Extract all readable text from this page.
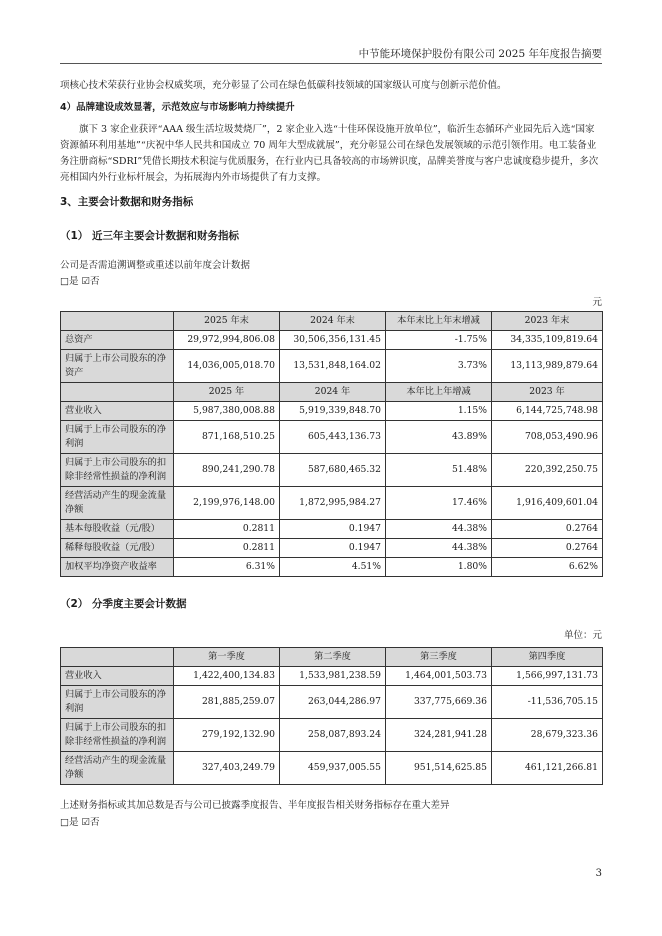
中节能环境保护股份有限公司 2025 年年度报告摘要

项核心技术荣获行业协会权威奖项，充分彰显了公司在绿色低碳科技领域的国家级认可度与创新示范价值。

4）品牌建设成效显著，示范效应与市场影响力持续提升

旗下 3 家企业获评“AAA 级生活垃圾焚烧厂”，2 家企业入选“十佳环保设施开放单位”，临沂生态循环产业园先后入选“国家资源循环利用基地”“庆祝中华人民共和国成立 70 周年大型成就展”，充分彰显公司在绿色发展领域的示范引领作用。电工装备业务注册商标“SDRI”凭借长期技术积淀与优质服务，在行业内已具备较高的市场辨识度，品牌美誉度与客户忠诚度稳步提升，多次亮相国内外行业标杆展会，为拓展海内外市场提供了有力支撑。

3、主要会计数据和财务指标
（1） 近三年主要会计数据和财务指标
公司是否需追溯调整或重述以前年度会计数据
□是 ☑否
元
	2025 年末	2024 年末	本年末比上年末增减	2023 年末
总资产	29,972,994,806.08	30,506,356,131.45	-1.75%	34,335,109,819.64
归属于上市公司股东的净资产	14,036,005,018.70	13,531,848,164.02	3.73%	13,113,989,879.64
	2025 年	2024 年	本年比上年增减	2023 年
营业收入	5,987,380,008.88	5,919,339,848.70	1.15%	6,144,725,748.98
归属于上市公司股东的净利润	871,168,510.25	605,443,136.73	43.89%	708,053,490.96
归属于上市公司股东的扣除非经常性损益的净利润	890,241,290.78	587,680,465.32	51.48%	220,392,250.75
经营活动产生的现金流量净额	2,199,976,148.00	1,872,995,984.27	17.46%	1,916,409,601.04
基本每股收益（元/股）	0.2811	0.1947	44.38%	0.2764
稀释每股收益（元/股）	0.2811	0.1947	44.38%	0.2764
加权平均净资产收益率	6.31%	4.51%	1.80%	6.62%
（2） 分季度主要会计数据
单位：元
	第一季度	第二季度	第三季度	第四季度
营业收入	1,422,400,134.83	1,533,981,238.59	1,464,001,503.73	1,566,997,131.73
归属于上市公司股东的净利润	281,885,259.07	263,044,286.97	337,775,669.36	-11,536,705.15
归属于上市公司股东的扣除非经常性损益的净利润	279,192,132.90	258,087,893.24	324,281,941.28	28,679,323.36
经营活动产生的现金流量净额	327,403,249.79	459,937,005.55	951,514,625.85	461,121,266.81
上述财务指标或其加总数是否与公司已披露季度报告、半年度报告相关财务指标存在重大差异
□是 ☑否
3
